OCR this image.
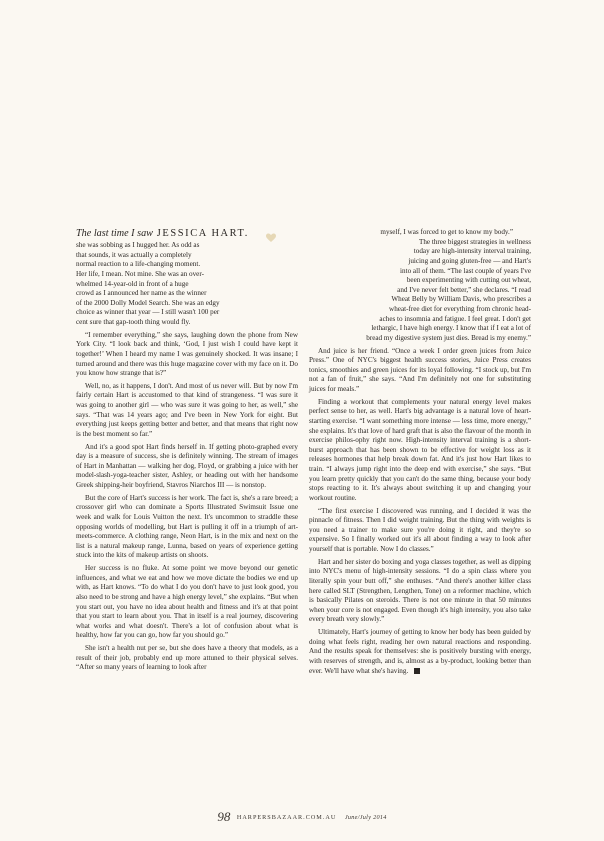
The last time I saw JESSICA HART.
she was sobbing as I hugged her. As odd as
that sounds, it was actually a completely
normal reaction to a life-changing moment.
Her life, I mean. Not mine. She was an over-
whelmed 14-year-old in front of a huge
crowd as I announced her name as the winner
of the 2000 Dolly Model Search. She was an edgy
choice as winner that year — I still wasn't 100 per
cent sure that gap-tooth thing would fly.

“I remember everything,” she says, laughing down the phone from New York City. “I look back and think, ‘God, I just wish I could have kept it together!’ When I heard my name I was genuinely shocked. It was insane; I turned around and there was this huge magazine cover with my face on it. Do you know how strange that is?”

Well, no, as it happens, I don't. And most of us never will. But by now I'm fairly certain Hart is accustomed to that kind of strangeness. “I was sure it was going to another girl — who was sure it was going to her, as well,” she says. “That was 14 years ago; and I've been in New York for eight. But everything just keeps getting better and better, and that means that right now is the best moment so far.”

And it's a good spot Hart finds herself in. If getting photo-graphed every day is a measure of success, she is definitely winning. The stream of images of Hart in Manhattan — walking her dog, Floyd, or grabbing a juice with her model-slash-yoga-teacher sister, Ashley, or heading out with her handsome Greek shipping-heir boyfriend, Stavros Niarchos III — is nonstop.

But the core of Hart's success is her work. The fact is, she's a rare breed; a crossover girl who can dominate a Sports Illustrated Swimsuit Issue one week and walk for Louis Vuitton the next. It's uncommon to straddle these opposing worlds of modelling, but Hart is pulling it off in a triumph of art-meets-commerce. A clothing range, Neon Hart, is in the mix and next on the list is a natural makeup range, Lunna, based on years of experience getting stuck into the kits of makeup artists on shoots.

Her success is no fluke. At some point we move beyond our genetic influences, and what we eat and how we move dictate the bodies we end up with, as Hart knows. “To do what I do you don't have to just look good, you also need to be strong and have a high energy level,” she explains. “But when you start out, you have no idea about health and fitness and it's at that point that you start to learn about you. That in itself is a real journey, discovering what works and what doesn't. There's a lot of confusion about what is healthy, how far you can go, how far you should go.”

She isn't a health nut per se, but she does have a theory that models, as a result of their job, probably end up more attuned to their physical selves. “After so many years of learning to look after

myself, I was forced to get to know my body.”
The three biggest strategies in wellness
today are high-intensity interval training,
juicing and going gluten-free — and Hart's
into all of them. “The last couple of years I've
been experimenting with cutting out wheat,
and I've never felt better,” she declares. “I read
Wheat Belly by William Davis, who prescribes a
wheat-free diet for everything from chronic head-
aches to insomnia and fatigue. I feel great. I don't get
lethargic, I have high energy. I know that if I eat a lot of
bread my digestive system just dies. Bread is my enemy.”

And juice is her friend. “Once a week I order green juices from Juice Press.” One of NYC's biggest health success stories, Juice Press creates tonics, smoothies and green juices for its loyal following. “I stock up, but I'm not a fan of fruit,” she says. “And I'm definitely not one for substituting juices for meals.”

Finding a workout that complements your natural energy level makes perfect sense to her, as well. Hart's big advantage is a natural love of heart-starting exercise. “I want something more intense — less time, more energy,” she explains. It's that love of hard graft that is also the flavour of the month in exercise philos-ophy right now. High-intensity interval training is a short-burst approach that has been shown to be effective for weight loss as it releases hormones that help break down fat. And it's just how Hart likes to train. “I always jump right into the deep end with exercise,” she says. “But you learn pretty quickly that you can't do the same thing, because your body stops reacting to it. It's always about switching it up and changing your workout routine.

“The first exercise I discovered was running, and I decided it was the pinnacle of fitness. Then I did weight training. But the thing with weights is you need a trainer to make sure you're doing it right, and they're so expensive. So I finally worked out it's all about finding a way to look after yourself that is portable. Now I do classes.”

Hart and her sister do boxing and yoga classes together, as well as dipping into NYC's menu of high-intensity sessions. “I do a spin class where you literally spin your butt off,” she enthuses. “And there's another killer class here called SLT (Strengthen, Lengthen, Tone) on a reformer machine, which is basically Pilates on steroids. There is not one minute in that 50 minutes when your core is not engaged. Even though it's high intensity, you also take every breath very slowly.”

Ultimately, Hart's journey of getting to know her body has been guided by doing what feels right, reading her own natural reactions and responding. And the results speak for themselves: she is positively bursting with energy, with reserves of strength, and is, almost as a by-product, looking better than ever. We'll have what she's having.

98 HARPERSBAZAAR.COM.AU June/July 2014
